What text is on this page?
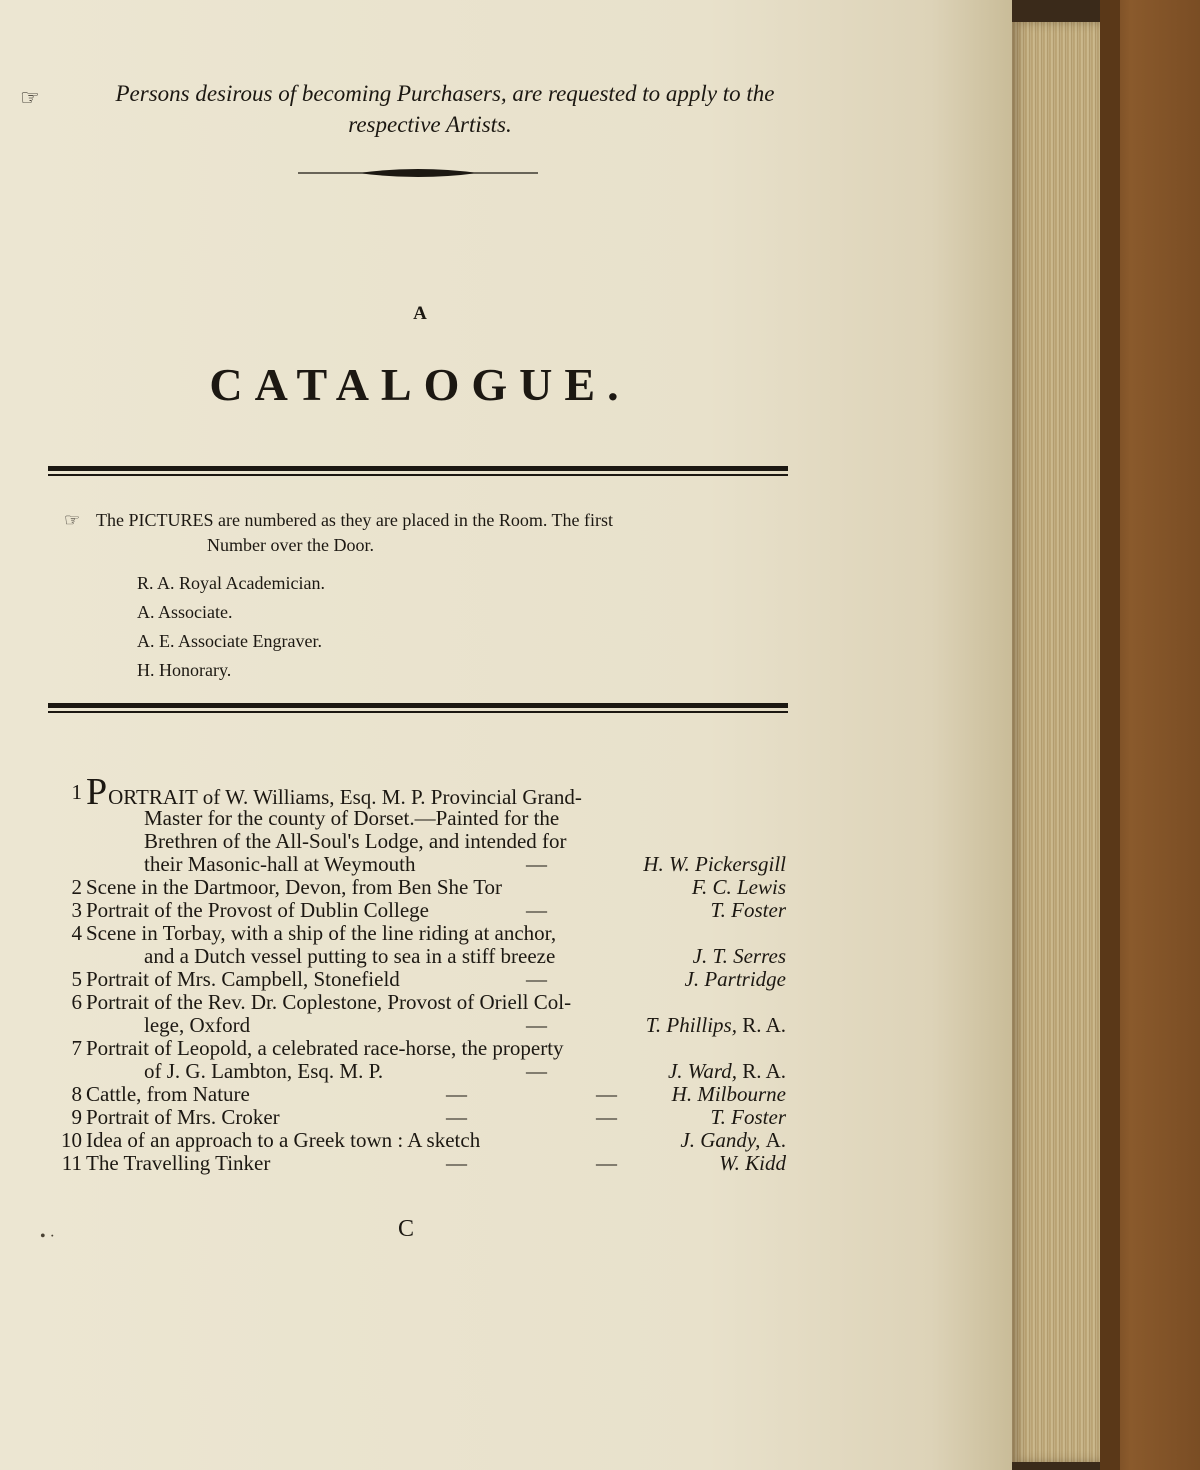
☞	Persons desirous of becoming Purchasers, are requested to apply to the
respective Artists.
A
CATALOGUE.
☞ The PICTURES are numbered as they are placed in the Room. The first
Number over the Door.
R. A. Royal Academician.
A. Associate.
A. E. Associate Engraver.
H. Honorary.
1 PORTRAIT of W. Williams, Esq. M. P. Provincial Grand-
Master for the county of Dorset.—Painted for the
Brethren of the All-Soul's Lodge, and intended for
their Masonic-hall at Weymouth	—	H. W. Pickersgill
2 Scene in the Dartmoor, Devon, from Ben She Tor	F. C. Lewis
3 Portrait of the Provost of Dublin College	—	T. Foster
4 Scene in Torbay, with a ship of the line riding at anchor,
and a Dutch vessel putting to sea in a stiff breeze	J. T. Serres
5 Portrait of Mrs. Campbell, Stonefield	—	J. Partridge
6 Portrait of the Rev. Dr. Coplestone, Provost of Oriell Col-
lege, Oxford	—	T. Phillips, R. A.
7 Portrait of Leopold, a celebrated race-horse, the property
of J. G. Lambton, Esq. M. P.	—	J. Ward, R. A.
8 Cattle, from Nature	—	—	H. Milbourne
9 Portrait of Mrs. Croker	—	—	T. Foster
10 Idea of an approach to a Greek town : A sketch	J. Gandy, A.
11 The Travelling Tinker	—	—	W. Kidd
C
• ·
